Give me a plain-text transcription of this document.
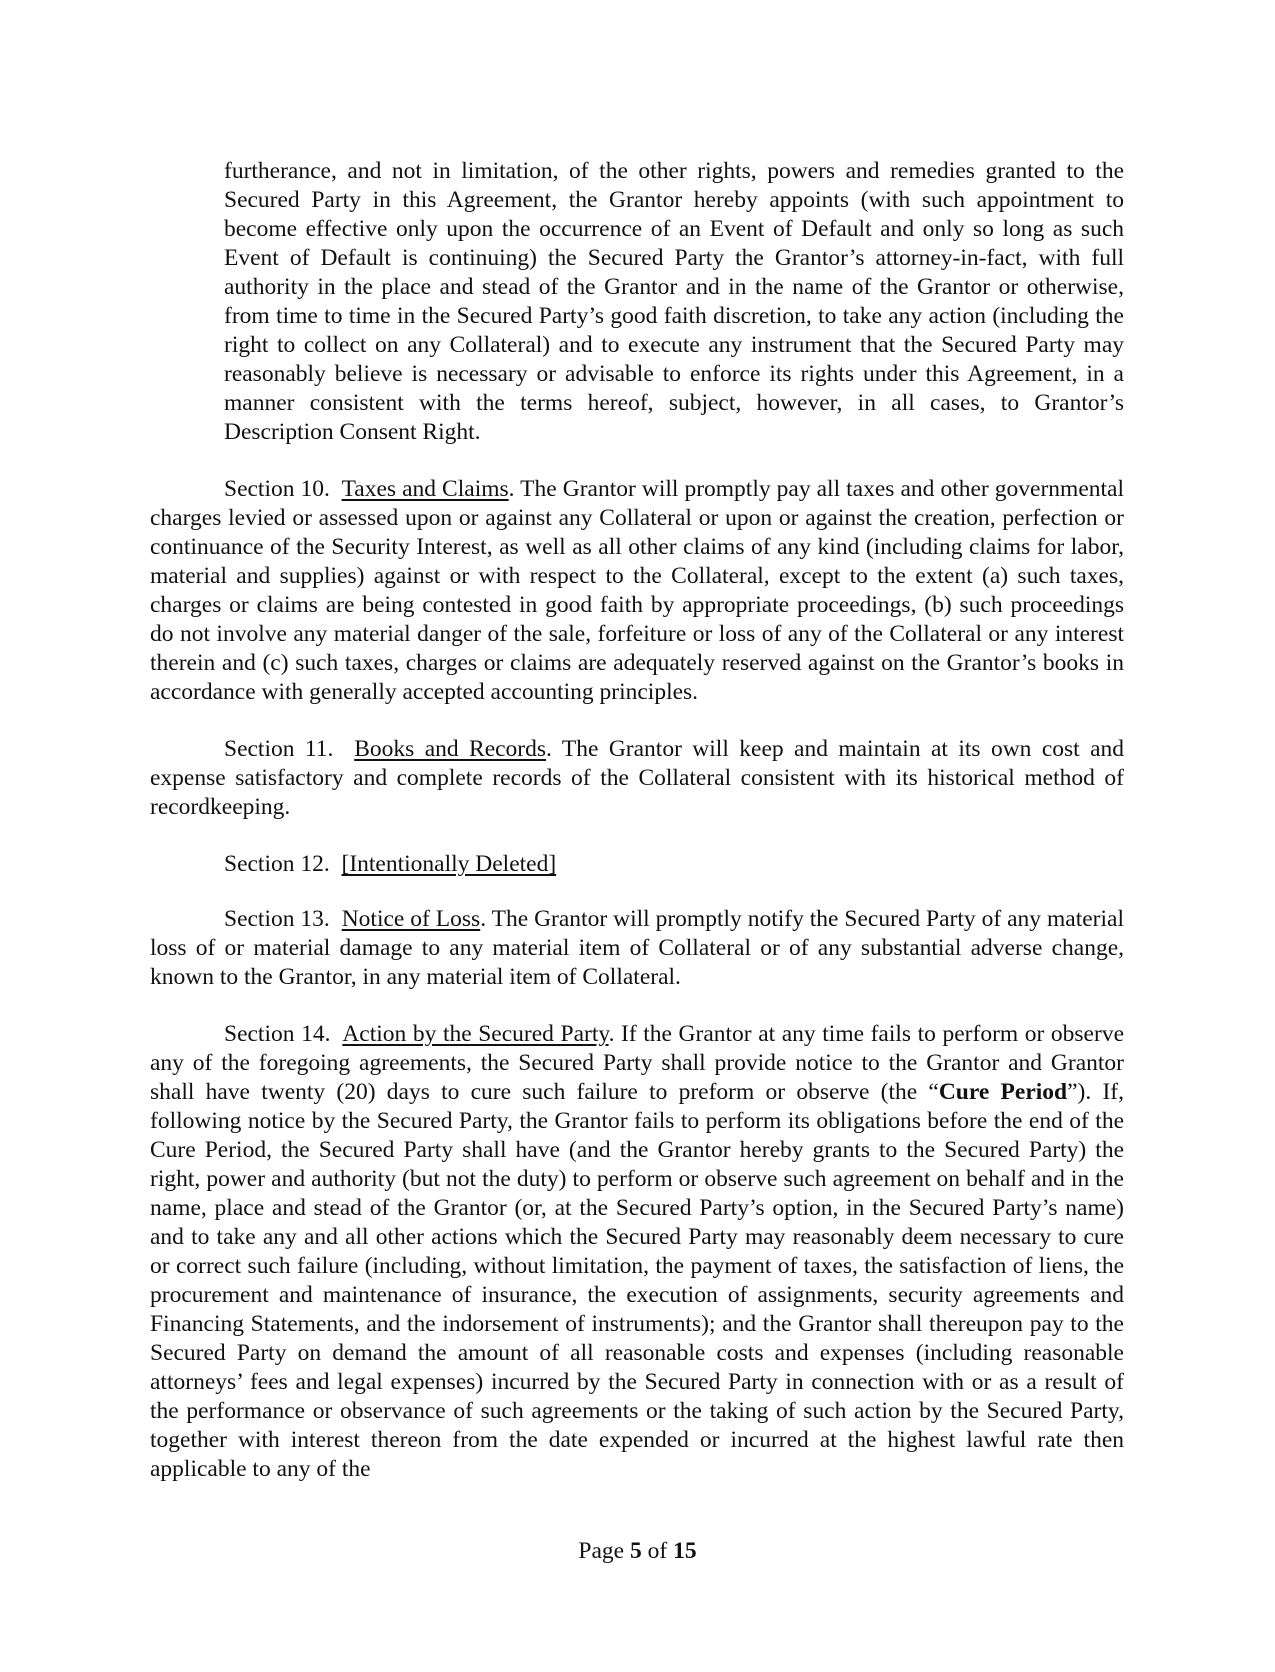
furtherance, and not in limitation, of the other rights, powers and remedies granted to the Secured Party in this Agreement, the Grantor hereby appoints (with such appointment to become effective only upon the occurrence of an Event of Default and only so long as such Event of Default is continuing) the Secured Party the Grantor’s attorney-in-fact, with full authority in the place and stead of the Grantor and in the name of the Grantor or otherwise, from time to time in the Secured Party’s good faith discretion, to take any action (including the right to collect on any Collateral) and to execute any instrument that the Secured Party may reasonably believe is necessary or advisable to enforce its rights under this Agreement, in a manner consistent with the terms hereof, subject, however, in all cases, to Grantor’s Description Consent Right.

Section 10. Taxes and Claims. The Grantor will promptly pay all taxes and other governmental charges levied or assessed upon or against any Collateral or upon or against the creation, perfection or continuance of the Security Interest, as well as all other claims of any kind (including claims for labor, material and supplies) against or with respect to the Collateral, except to the extent (a) such taxes, charges or claims are being contested in good faith by appropriate proceedings, (b) such proceedings do not involve any material danger of the sale, forfeiture or loss of any of the Collateral or any interest therein and (c) such taxes, charges or claims are adequately reserved against on the Grantor’s books in accordance with generally accepted accounting principles.

Section 11. Books and Records. The Grantor will keep and maintain at its own cost and expense satisfactory and complete records of the Collateral consistent with its historical method of recordkeeping.

Section 12. [Intentionally Deleted]

Section 13. Notice of Loss. The Grantor will promptly notify the Secured Party of any material loss of or material damage to any material item of Collateral or of any substantial adverse change, known to the Grantor, in any material item of Collateral.

Section 14. Action by the Secured Party. If the Grantor at any time fails to perform or observe any of the foregoing agreements, the Secured Party shall provide notice to the Grantor and Grantor shall have twenty (20) days to cure such failure to preform or observe (the “Cure Period”). If, following notice by the Secured Party, the Grantor fails to perform its obligations before the end of the Cure Period, the Secured Party shall have (and the Grantor hereby grants to the Secured Party) the right, power and authority (but not the duty) to perform or observe such agreement on behalf and in the name, place and stead of the Grantor (or, at the Secured Party’s option, in the Secured Party’s name) and to take any and all other actions which the Secured Party may reasonably deem necessary to cure or correct such failure (including, without limitation, the payment of taxes, the satisfaction of liens, the procurement and maintenance of insurance, the execution of assignments, security agreements and Financing Statements, and the indorsement of instruments); and the Grantor shall thereupon pay to the Secured Party on demand the amount of all reasonable costs and expenses (including reasonable attorneys’ fees and legal expenses) incurred by the Secured Party in connection with or as a result of the performance or observance of such agreements or the taking of such action by the Secured Party, together with interest thereon from the date expended or incurred at the highest lawful rate then applicable to any of the

Page 5 of 15
